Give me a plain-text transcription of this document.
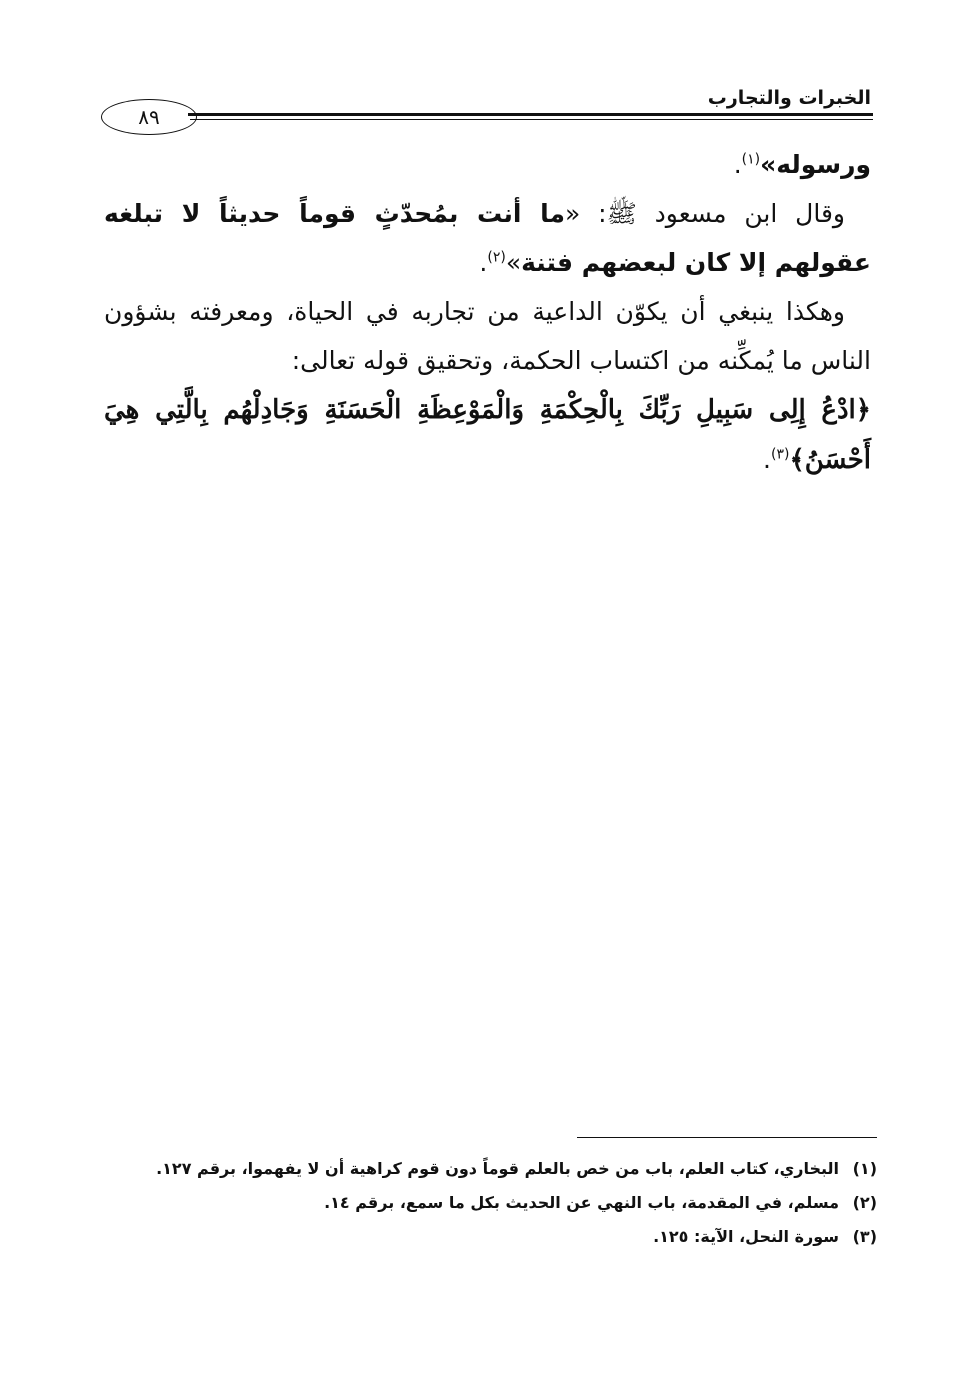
الخبرات والتجارب
٨٩

ورسوله»$^{(١)}$.

وقال ابن مسعود ﷺ: «ما أنت بمُحدّثٍ قوماً حديثاً لا تبلغه عقولهم إلا كان لبعضهم فتنة»$^{(٢)}$.

وهكذا ينبغي أن يكوّن الداعية من تجاربه في الحياة، ومعرفته بشؤون الناس ما يُمكِّنه من اكتساب الحكمة، وتحقيق قوله تعالى:

﴿ادْعُ إِلِى سَبِيلِ رَبِّكَ بِالْحِكْمَةِ وَالْمَوْعِظَةِ الْحَسَنَةِ وَجَادِلْهُم بِالَّتِي هِيَ أَحْسَنُ﴾$^{(٣)}$.

(١)
البخاري، كتاب العلم، باب من خص بالعلم قوماً دون قوم كراهية أن لا يفهموا، برقم ١٢٧.
(٢)
مسلم، في المقدمة، باب النهي عن الحديث بكل ما سمع، برقم ١٤.
(٣)
سورة النحل، الآية: ١٢٥.
